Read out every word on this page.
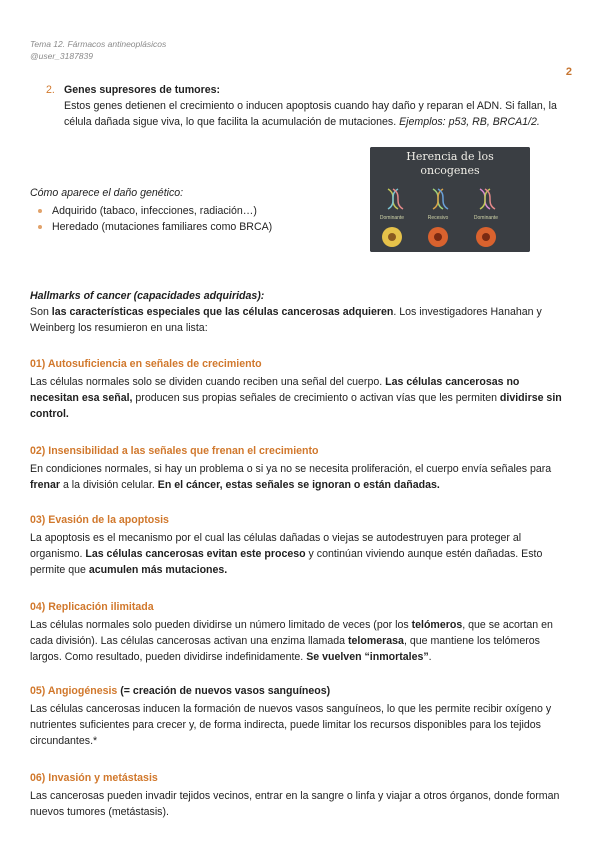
Tema 12. Fármacos antineoplásicos
@user_3187839
2
2. Genes supresores de tumores:
Estos genes detienen el crecimiento o inducen apoptosis cuando hay daño y reparan el ADN. Si fallan, la célula dañada sigue viva, lo que facilita la acumulación de mutaciones. Ejemplos: p53, RB, BRCA1/2.
Herencia de los
oncogenes
Dominante	Recesivo	Dominante
Cómo aparece el daño genético:
Adquirido (tabaco, infecciones, radiación…)
Heredado (mutaciones familiares como BRCA)
Hallmarks of cancer (capacidades adquiridas):
Son las características especiales que las células cancerosas adquieren. Los investigadores Hanahan y Weinberg los resumieron en una lista:
01) Autosuficiencia en señales de crecimiento
Las células normales solo se dividen cuando reciben una señal del cuerpo. Las células cancerosas no necesitan esa señal, producen sus propias señales de crecimiento o activan vías que les permiten dividirse sin control.
02) Insensibilidad a las señales que frenan el crecimiento
En condiciones normales, si hay un problema o si ya no se necesita proliferación, el cuerpo envía señales para frenar a la división celular. En el cáncer, estas señales se ignoran o están dañadas.
03) Evasión de la apoptosis
La apoptosis es el mecanismo por el cual las células dañadas o viejas se autodestruyen para proteger al organismo. Las células cancerosas evitan este proceso y continúan viviendo aunque estén dañadas. Esto permite que acumulen más mutaciones.
04) Replicación ilimitada
Las células normales solo pueden dividirse un número limitado de veces (por los telómeros, que se acortan en cada división). Las células cancerosas activan una enzima llamada telomerasa, que mantiene los telómeros largos. Como resultado, pueden dividirse indefinidamente. Se vuelven “inmortales”.
05) Angiogénesis (= creación de nuevos vasos sanguíneos)
Las células cancerosas inducen la formación de nuevos vasos sanguíneos, lo que les permite recibir oxígeno y nutrientes suficientes para crecer y, de forma indirecta, puede limitar los recursos disponibles para los tejidos circundantes.*
06) Invasión y metástasis
Las cancerosas pueden invadir tejidos vecinos, entrar en la sangre o linfa y viajar a otros órganos, donde forman nuevos tumores (metástasis).
